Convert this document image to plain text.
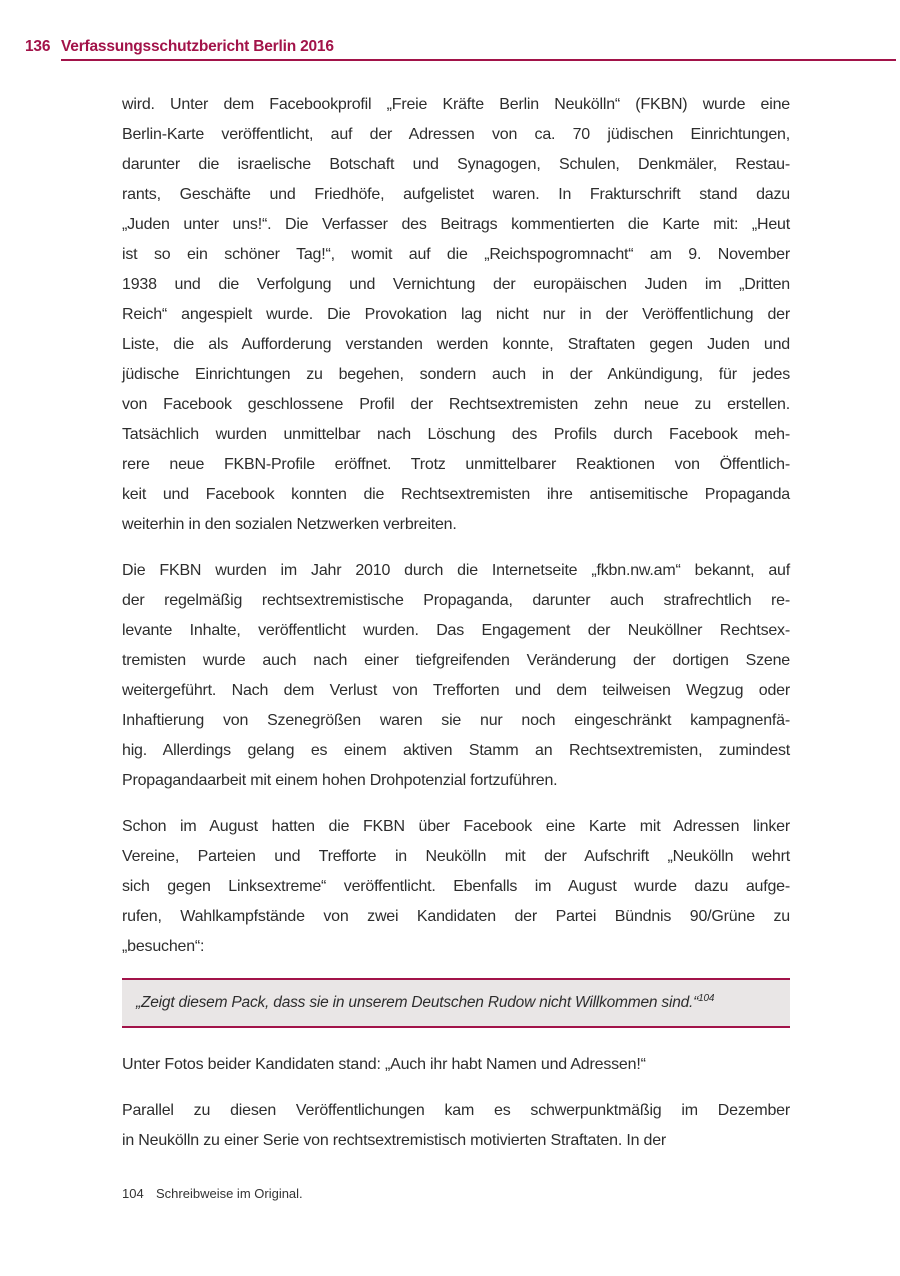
136 Verfassungsschutzbericht Berlin 2016
wird. Unter dem Facebookprofil „Freie Kräfte Berlin Neukölln“ (FKBN) wurde eine
Berlin-Karte veröffentlicht, auf der Adressen von ca. 70 jüdischen Einrichtungen,
darunter die israelische Botschaft und Synagogen, Schulen, Denkmäler, Restau-
rants, Geschäfte und Friedhöfe, aufgelistet waren. In Frakturschrift stand dazu
„Juden unter uns!“. Die Verfasser des Beitrags kommentierten die Karte mit: „Heut
ist so ein schöner Tag!“, womit auf die „Reichspogromnacht“ am 9. November
1938 und die Verfolgung und Vernichtung der europäischen Juden im „Dritten
Reich“ angespielt wurde. Die Provokation lag nicht nur in der Veröffentlichung der
Liste, die als Aufforderung verstanden werden konnte, Straftaten gegen Juden und
jüdische Einrichtungen zu begehen, sondern auch in der Ankündigung, für jedes
von Facebook geschlossene Profil der Rechtsextremisten zehn neue zu erstellen.
Tatsächlich wurden unmittelbar nach Löschung des Profils durch Facebook meh-
rere neue FKBN-Profile eröffnet. Trotz unmittelbarer Reaktionen von Öffentlich-
keit und Facebook konnten die Rechtsextremisten ihre antisemitische Propaganda
weiterhin in den sozialen Netzwerken verbreiten.
Die FKBN wurden im Jahr 2010 durch die Internetseite „fkbn.nw.am“ bekannt, auf
der regelmäßig rechtsextremistische Propaganda, darunter auch strafrechtlich re-
levante Inhalte, veröffentlicht wurden. Das Engagement der Neuköllner Rechtsex-
tremisten wurde auch nach einer tiefgreifenden Veränderung der dortigen Szene
weitergeführt. Nach dem Verlust von Trefforten und dem teilweisen Wegzug oder
Inhaftierung von Szenegrößen waren sie nur noch eingeschränkt kampagnenfä-
hig. Allerdings gelang es einem aktiven Stamm an Rechtsextremisten, zumindest
Propagandaarbeit mit einem hohen Drohpotenzial fortzuführen.
Schon im August hatten die FKBN über Facebook eine Karte mit Adressen linker
Vereine, Parteien und Trefforte in Neukölln mit der Aufschrift „Neukölln wehrt
sich gegen Linksextreme“ veröffentlicht. Ebenfalls im August wurde dazu aufge-
rufen, Wahlkampfstände von zwei Kandidaten der Partei Bündnis 90/Grüne zu
„besuchen“:
„Zeigt diesem Pack, dass sie in unserem Deutschen Rudow nicht Willkommen sind.“$^{104}$
Unter Fotos beider Kandidaten stand: „Auch ihr habt Namen und Adressen!“
Parallel zu diesen Veröffentlichungen kam es schwerpunktmäßig im Dezember
in Neukölln zu einer Serie von rechtsextremistisch motivierten Straftaten. In der
104 Schreibweise im Original.
